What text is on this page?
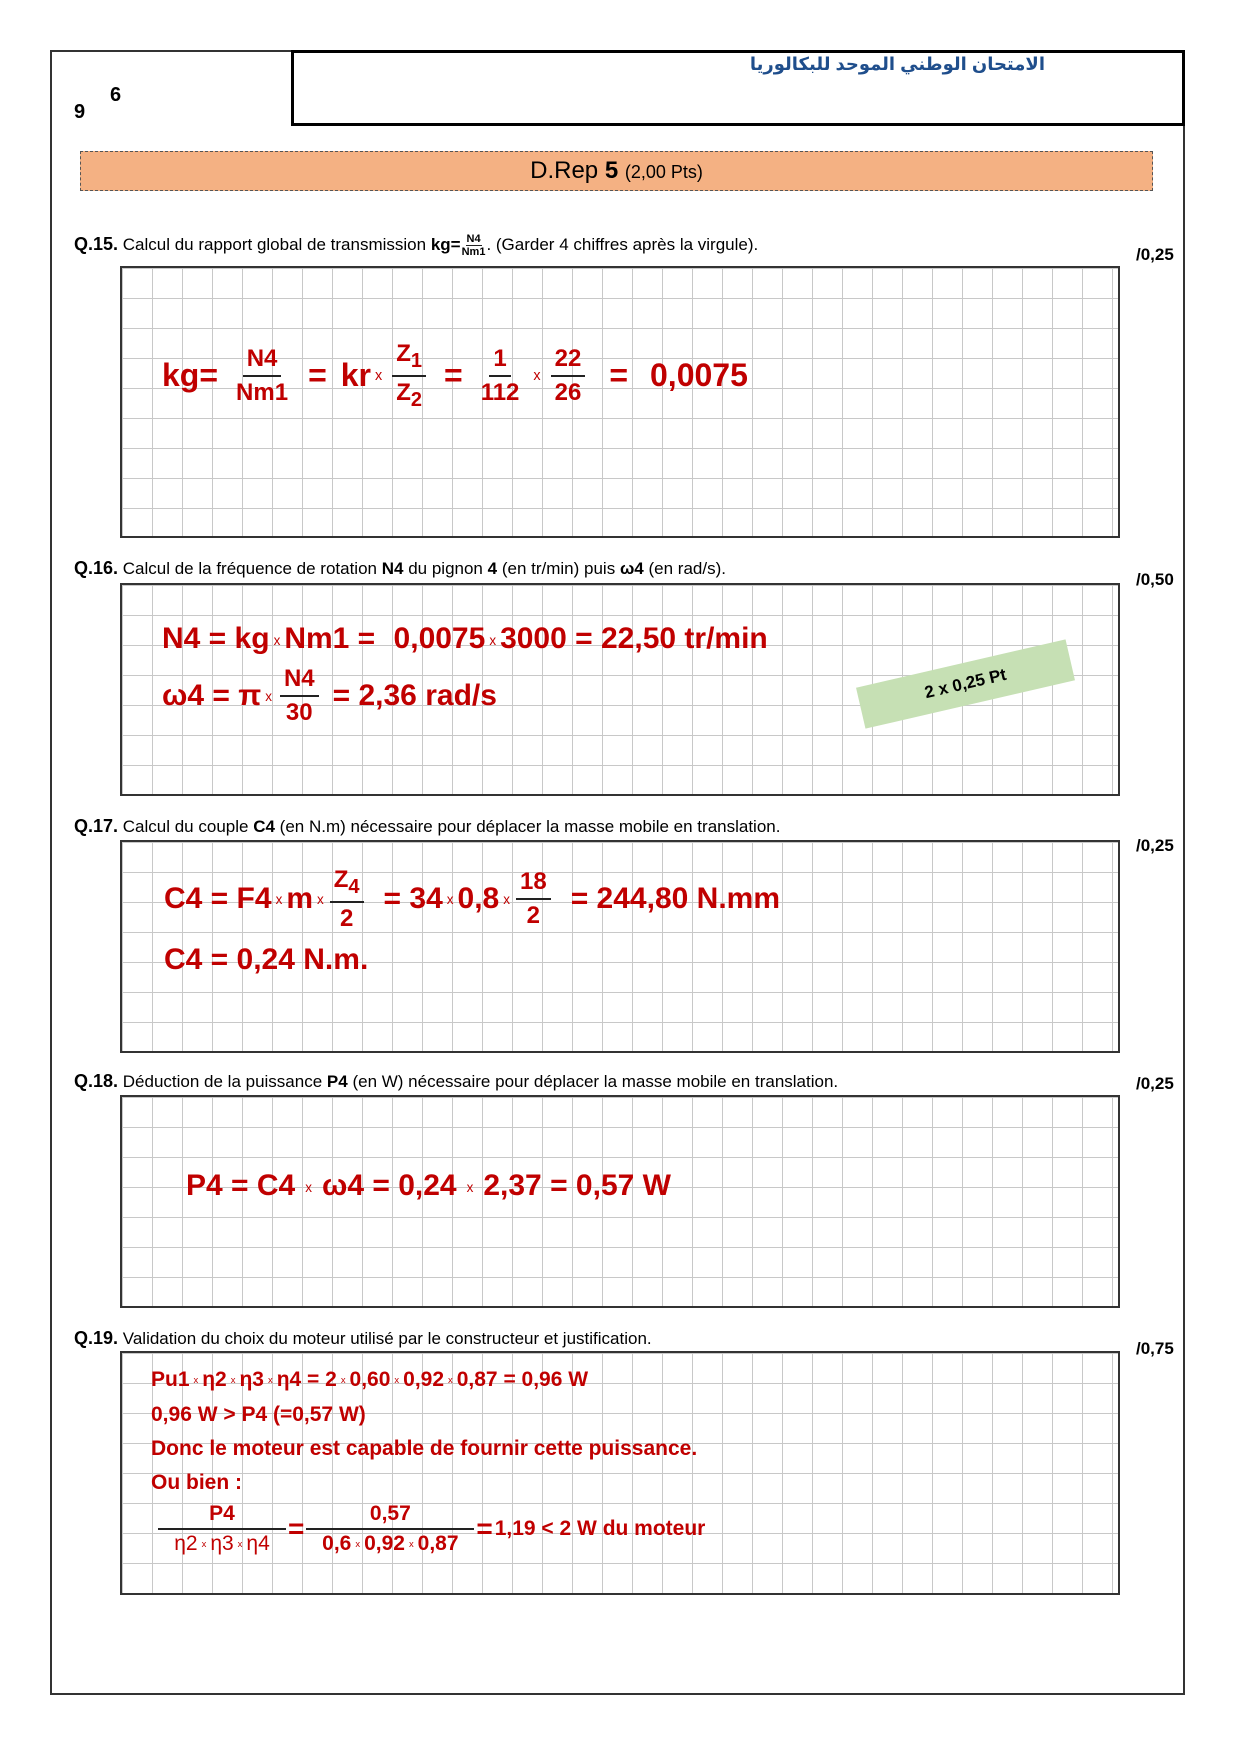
6
9
الامتحان الوطني الموحد للبكالوريا
D.Rep 5 (2,00 Pts)
Q.15. Calcul du rapport global de transmission $kg= \frac{N4}{Nm1}$ . (Garder 4 chiffres après la virgule).
/0,25
$kg= \frac{N4}{Nm1}$ = kr x $\frac{Z_1}{Z_2} = \frac{1}{112}$ x $\frac{22}{26} = 0,0075$
Q.16. Calcul de la fréquence de rotation N4 du pignon 4 (en tr/min) puis ω4 (en rad/s).
/0,50
N4 = kg x Nm1 = 0,0075 x 3000 = 22,50 tr/min
ω4 = π x $\frac{N4}{30} = 2,36$ rad/s	2 x 0,25 Pt
Q.17. Calcul du couple C4 (en N.m) nécessaire pour déplacer la masse mobile en translation.
/0,25
C4 = F4 x m x $\frac{Z_4}{2} = 34$ x 0,8 x $\frac{18}{2} = 244,80$ N.mm
C4 = 0,24 N.m.
Q.18. Déduction de la puissance P4 (en W) nécessaire pour déplacer la masse mobile en translation.	/0,25
P4 = C4 x ω4 = 0,24 x 2,37 = 0,57 W
Q.19. Validation du choix du moteur utilisé par le constructeur et justification.
/0,75
Pu1 x η2 x η3 x η4 = 2 x 0,60 x 0,92 x 0,87 = 0,96 W
0,96 W > P4 (=0,57 W)
Donc le moteur est capable de fournir cette puissance.
Ou bien :
$\frac{P4}{\text{η2 x η3 x η4}} = \frac{0,57}{0,6 x 0,92 x 0,87} = 1,19 < 2$ W du moteur
